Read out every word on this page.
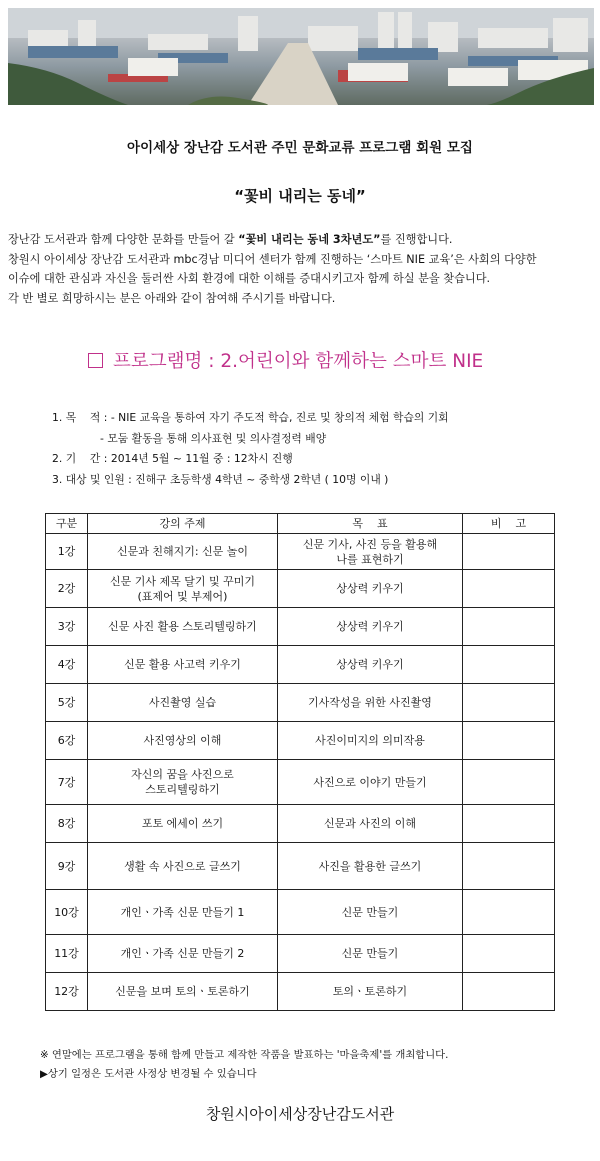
아이세상 장난감 도서관 주민 문화교류 프로그램 회원 모집
“꽃비 내리는 동네”

장난감 도서관과 함께 다양한 문화를 만들어 갈 “꽃비 내리는 동네 3차년도”를 진행합니다.

창원시 아이세상 장난감 도서관과 mbc경남 미디어 센터가 함께 진행하는 ‘스마트 NIE 교육’은 사회의 다양한

이슈에 대한 관심과 자신을 둘러싼 사회 환경에 대한 이해를 증대시키고자 함께 하실 분을 찾습니다.

각 반 별로 희망하시는 분은 아래와 같이 참여해 주시기를 바랍니다.

프로그램명 : 2.어린이와 함께하는 스마트 NIE
1. 목    적 : - NIE 교육을 통하여 자기 주도적 학습, 진로 및 창의적 체험 학습의 기회
- 모둠 활동을 통해 의사표현 및 의사결정력 배양
2. 기    간 : 2014년 5월 ~ 11월 중 : 12차시 진행
3. 대상 및 인원 : 진해구 초등학생 4학년 ~ 중학생 2학년 ( 10명 이내 )
구분	강의 주제	목    표	비    고
1강	신문과 친해지기: 신문 놀이	신문 기사, 사진 등을 활용해
나를 표현하기	
2강	신문 기사 제목 달기 및 꾸미기
(표제어 및 부제어)	상상력 키우기	
3강	신문 사진 활용 스토리텔링하기	상상력 키우기	
4강	신문 활용 사고력 키우기	상상력 키우기	
5강	사진촬영 실습	기사작성을 위한 사진촬영	
6강	사진영상의 이해	사진이미지의 의미작용	
7강	자신의 꿈을 사진으로
스토리텔링하기	사진으로 이야기 만들기	
8강	포토 에세이 쓰기	신문과 사진의 이해	
9강	생활 속 사진으로 글쓰기	사진을 활용한 글쓰기	
10강	개인ㆍ가족 신문 만들기 1	신문 만들기	
11강	개인ㆍ가족 신문 만들기 2	신문 만들기	
12강	신문을 보며 토의ㆍ토론하기	토의ㆍ토론하기	
※ 연말에는 프로그램을 통해 함께 만들고 제작한 작품을 발표하는 '마을축제'를 개최합니다.
▶상기 일정은 도서관 사정상 변경될 수 있습니다
창원시아이세상장난감도서관
